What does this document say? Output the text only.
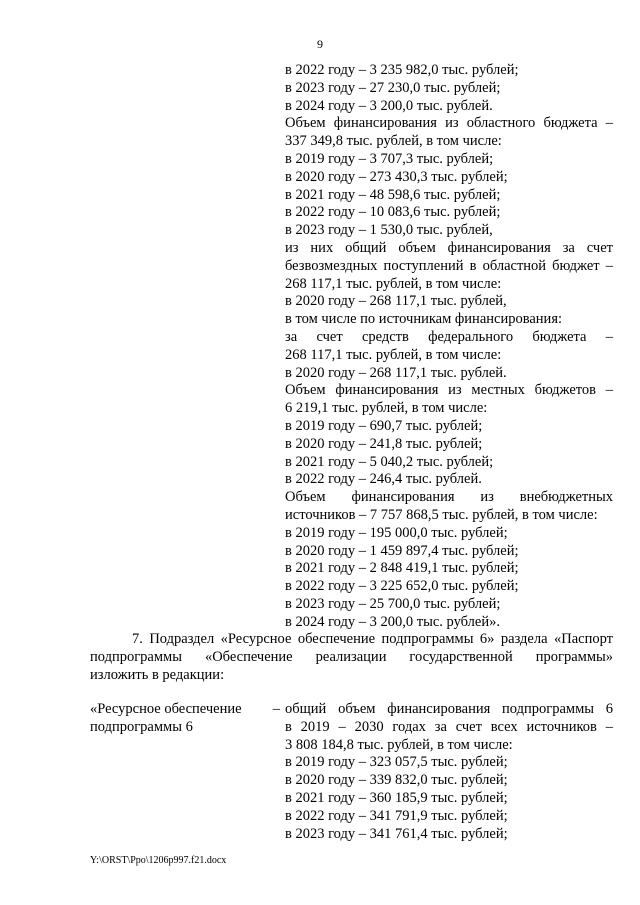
9
в 2022 году – 3 235 982,0 тыс. рублей;
в 2023 году – 27 230,0 тыс. рублей;
в 2024 году – 3 200,0 тыс. рублей.
Объем финансирования из областного бюджета –
337 349,8 тыс. рублей, в том числе:
в 2019 году – 3 707,3 тыс. рублей;
в 2020 году – 273 430,3 тыс. рублей;
в 2021 году – 48 598,6 тыс. рублей;
в 2022 году – 10 083,6 тыс. рублей;
в 2023 году – 1 530,0 тыс. рублей,
из них общий объем финансирования за счет
безвозмездных поступлений в областной бюджет –
268 117,1 тыс. рублей, в том числе:
в 2020 году – 268 117,1 тыс. рублей,
в том числе по источникам финансирования:
за счет средств федерального бюджета –
268 117,1 тыс. рублей, в том числе:
в 2020 году – 268 117,1 тыс. рублей.
Объем финансирования из местных бюджетов –
6 219,1 тыс. рублей, в том числе:
в 2019 году – 690,7 тыс. рублей;
в 2020 году – 241,8 тыс. рублей;
в 2021 году – 5 040,2 тыс. рублей;
в 2022 году – 246,4 тыс. рублей.
Объем финансирования из внебюджетных
источников – 7 757 868,5 тыс. рублей, в том числе:
в 2019 году – 195 000,0 тыс. рублей;
в 2020 году – 1 459 897,4 тыс. рублей;
в 2021 году – 2 848 419,1 тыс. рублей;
в 2022 году – 3 225 652,0 тыс. рублей;
в 2023 году – 25 700,0 тыс. рублей;
в 2024 году – 3 200,0 тыс. рублей».
7. Подраздел «Ресурсное обеспечение подпрограммы 6» раздела «Паспорт
подпрограммы «Обеспечение реализации государственной программы»
изложить в редакции:
«Ресурсное обеспечение –
подпрограммы 6
общий объем финансирования подпрограммы 6
в 2019 – 2030 годах за счет всех источников –
3 808 184,8 тыс. рублей, в том числе:
в 2019 году – 323 057,5 тыс. рублей;
в 2020 году – 339 832,0 тыс. рублей;
в 2021 году – 360 185,9 тыс. рублей;
в 2022 году – 341 791,9 тыс. рублей;
в 2023 году – 341 761,4 тыс. рублей;
Y:\ORST\Ppo\1206p997.f21.docx
